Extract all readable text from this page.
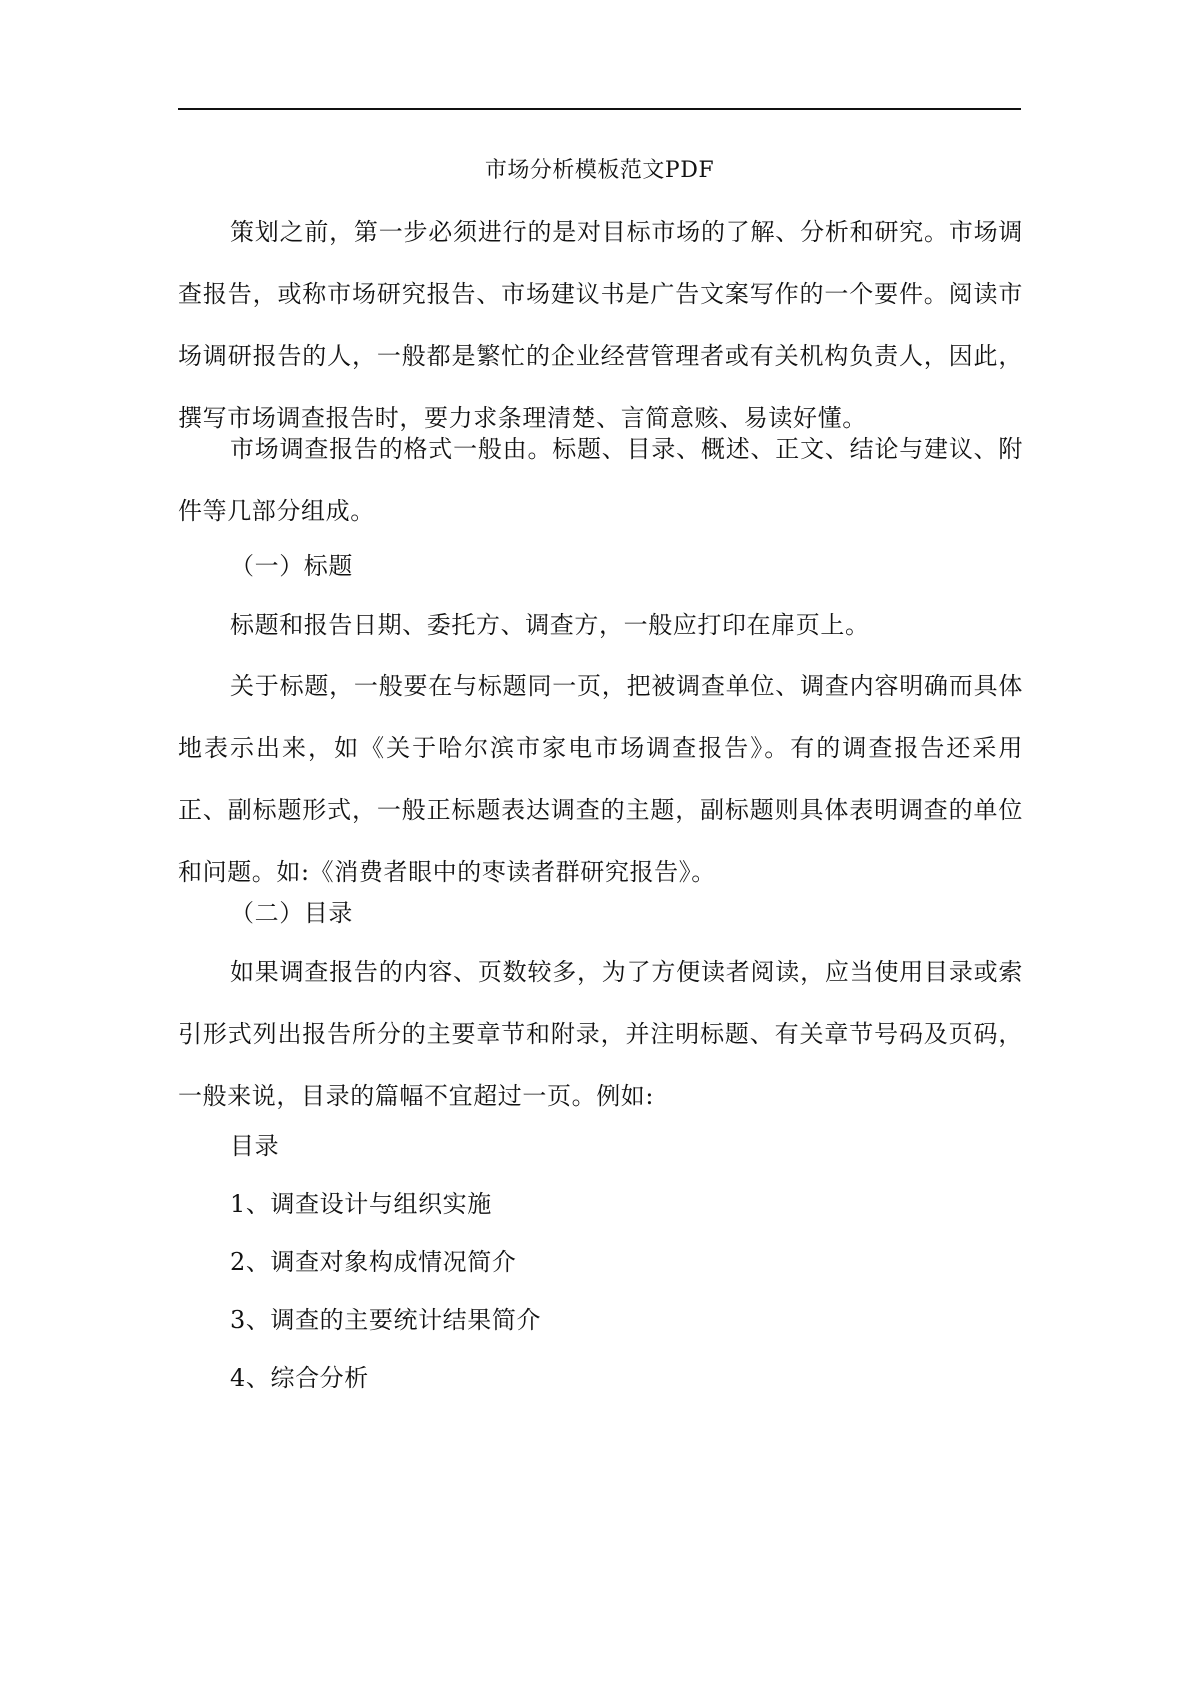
市场分析模板范文PDF

策划之前，第一步必须进行的是对目标市场的了解、分析和研究。市场调查报告，或称市场研究报告、市场建议书是广告文案写作的一个要件。阅读市场调研报告的人，一般都是繁忙的企业经营管理者或有关机构负责人，因此，撰写市场调查报告时，要力求条理清楚、言简意赅、易读好懂。

市场调查报告的格式一般由。标题、目录、概述、正文、结论与建议、附件等几部分组成。

（一）标题

标题和报告日期、委托方、调查方，一般应打印在扉页上。

关于标题，一般要在与标题同一页，把被调查单位、调查内容明确而具体地表示出来，如《关于哈尔滨市家电市场调查报告》。有的调查报告还采用正、副标题形式，一般正标题表达调查的主题，副标题则具体表明调查的单位和问题。如:《消费者眼中的枣读者群研究报告》。

（二）目录

如果调查报告的内容、页数较多，为了方便读者阅读，应当使用目录或索引形式列出报告所分的主要章节和附录，并注明标题、有关章节号码及页码，一般来说，目录的篇幅不宜超过一页。例如:

目录

1、调查设计与组织实施

2、调查对象构成情况简介

3、调查的主要统计结果简介

4、综合分析
